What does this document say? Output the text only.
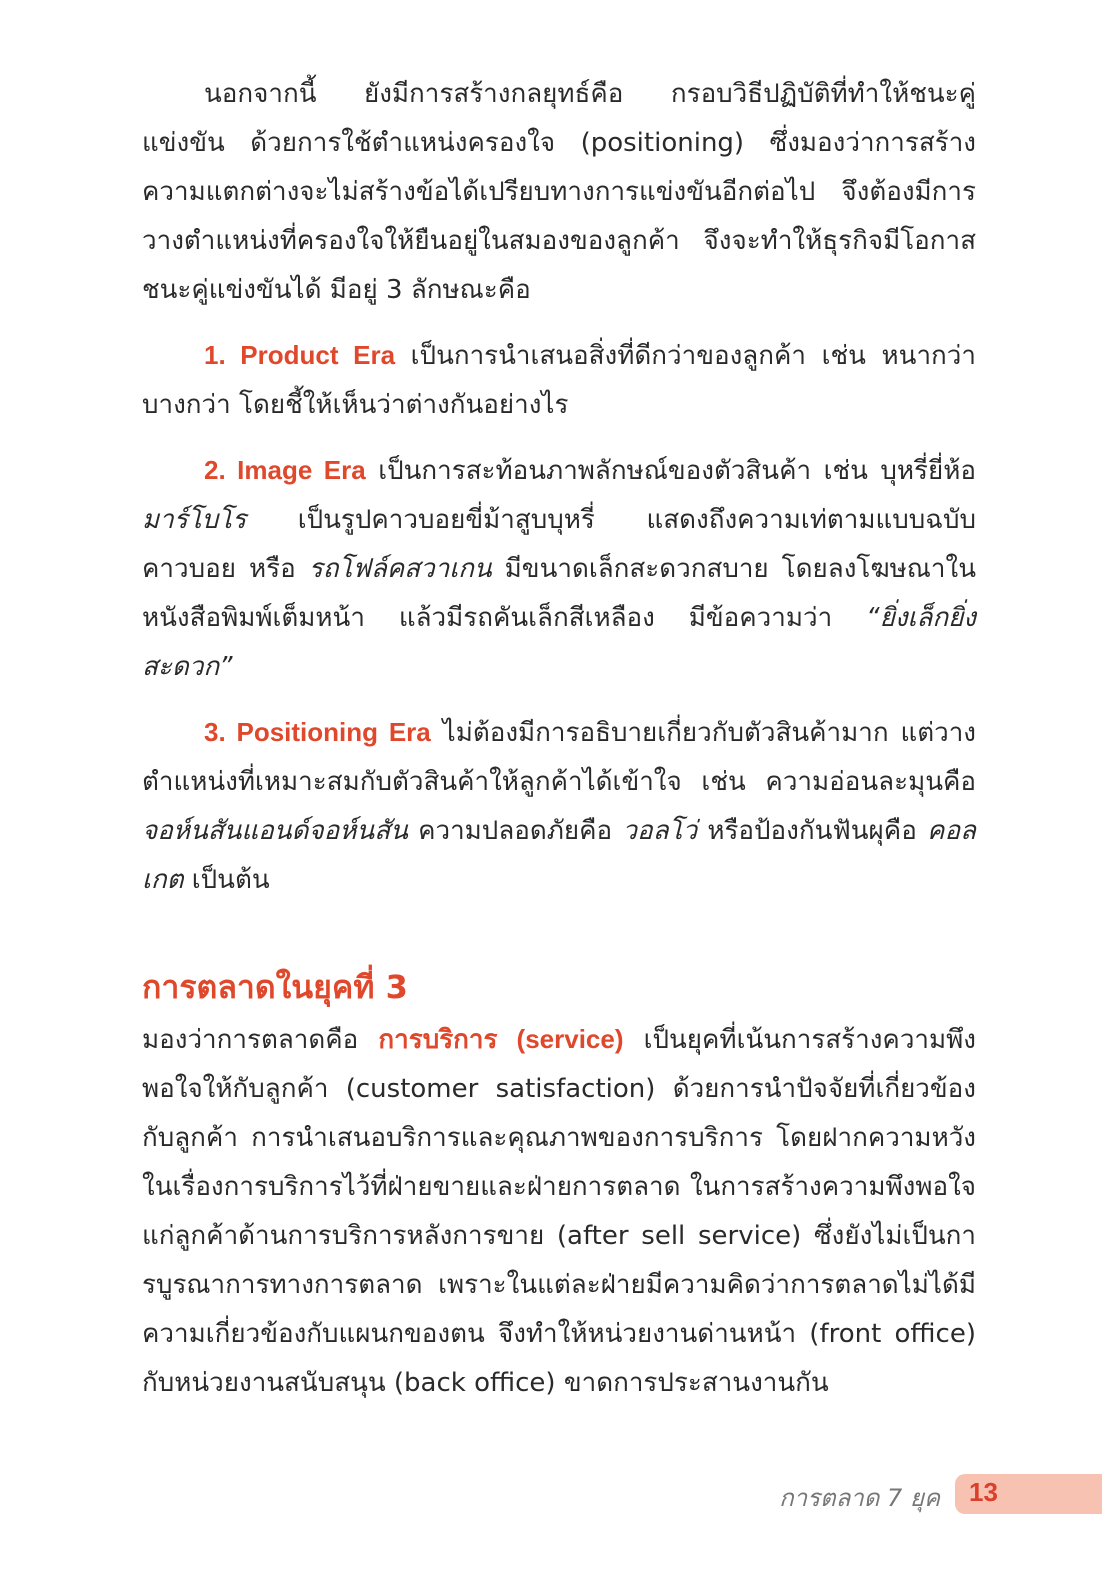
นอกจากนี้ ยังมีการสร้างกลยุทธ์คือ กรอบวิธีปฏิบัติที่ทำให้ชนะคู่แข่งขัน ด้วยการใช้ตำแหน่งครองใจ (positioning) ซึ่งมองว่าการสร้างความแตกต่างจะไม่สร้างข้อได้เปรียบทางการแข่งขันอีกต่อไป จึงต้องมีการวางตำแหน่งที่ครองใจให้ยืนอยู่ในสมองของลูกค้า จึงจะทำให้ธุรกิจมีโอกาสชนะคู่แข่งขันได้ มีอยู่ 3 ลักษณะคือ

1. Product Era เป็นการนำเสนอสิ่งที่ดีกว่าของลูกค้า เช่น หนากว่า บางกว่า โดยชี้ให้เห็นว่าต่างกันอย่างไร

2. Image Era เป็นการสะท้อนภาพลักษณ์ของตัวสินค้า เช่น บุหรี่ยี่ห้อ มาร์โบโร เป็นรูปคาวบอยขี่ม้าสูบบุหรี่ แสดงถึงความเท่ตามแบบฉบับคาวบอย หรือ รถโฟล์คสวาเกน มีขนาดเล็กสะดวกสบาย โดยลงโฆษณาในหนังสือพิมพ์เต็มหน้า แล้วมีรถคันเล็กสีเหลือง มีข้อความว่า “ยิ่งเล็กยิ่งสะดวก”

3. Positioning Era ไม่ต้องมีการอธิบายเกี่ยวกับตัวสินค้ามาก แต่วางตำแหน่งที่เหมาะสมกับตัวสินค้าให้ลูกค้าได้เข้าใจ เช่น ความอ่อนละมุนคือ จอห์นสันแอนด์จอห์นสัน ความปลอดภัยคือ วอลโว่ หรือป้องกันฟันผุคือ คอลเกต เป็นต้น

การตลาดในยุคที่ 3

มองว่าการตลาดคือ การบริการ (service) เป็นยุคที่เน้นการสร้างความพึงพอใจให้กับลูกค้า (customer satisfaction) ด้วยการนำปัจจัยที่เกี่ยวข้องกับลูกค้า การนำเสนอบริการและคุณภาพของการบริการ โดยฝากความหวังในเรื่องการบริการไว้ที่ฝ่ายขายและฝ่ายการตลาด ในการสร้างความพึงพอใจแก่ลูกค้าด้านการบริการหลังการขาย (after sell service) ซึ่งยังไม่เป็นการบูรณาการทางการตลาด เพราะในแต่ละฝ่ายมีความคิดว่าการตลาดไม่ได้มีความเกี่ยวข้องกับแผนกของตน จึงทำให้หน่วยงานด่านหน้า (front office) กับหน่วยงานสนับสนุน (back office) ขาดการประสานงานกัน

การตลาด 7 ยุค 13
